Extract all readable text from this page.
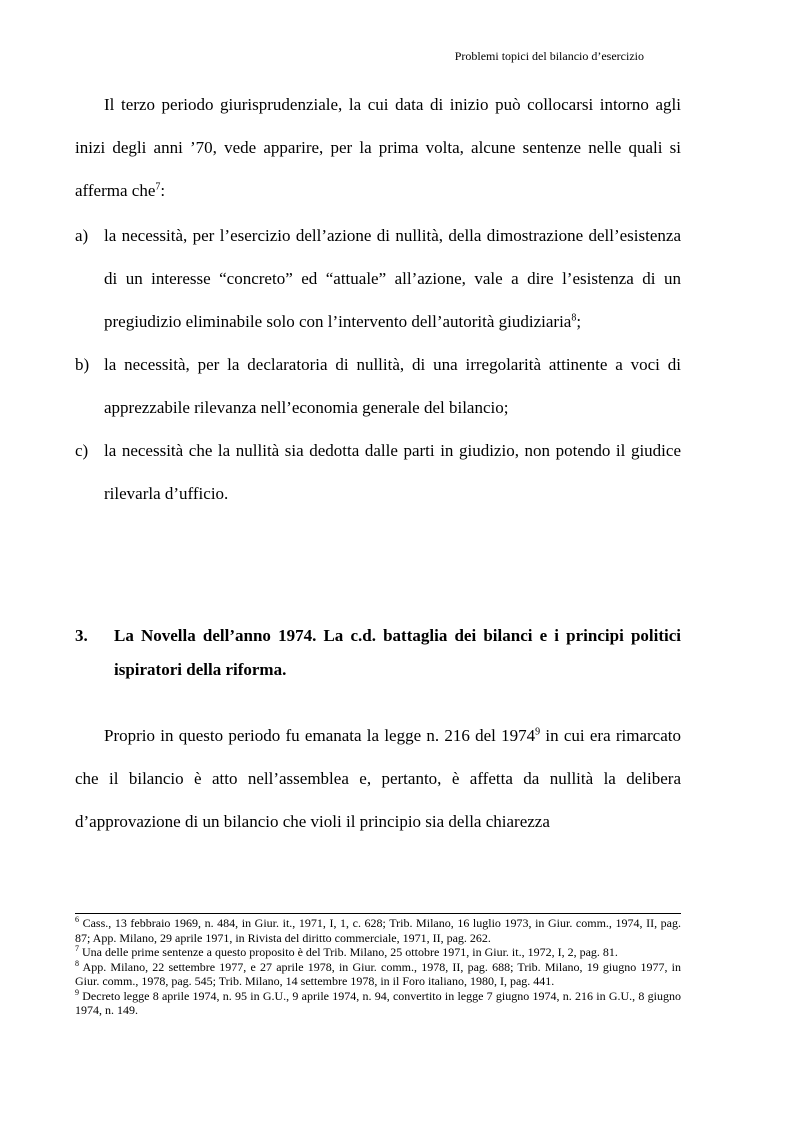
Problemi topici del bilancio d’esercizio

Il terzo periodo giurisprudenziale, la cui data di inizio può collocarsi intorno agli inizi degli anni ’70, vede apparire, per la prima volta, alcune sentenze nelle quali si afferma che$^7$:

a) la necessità, per l’esercizio dell’azione di nullità, della dimostrazione dell’esistenza di un interesse “concreto” ed “attuale” all’azione, vale a dire l’esistenza di un pregiudizio eliminabile solo con l’intervento dell’autorità giudiziaria$^8$;
b) la necessità, per la declaratoria di nullità, di una irregolarità attinente a voci di apprezzabile rilevanza nell’economia generale del bilancio;
c) la necessità che la nullità sia dedotta dalle parti in giudizio, non potendo il giudice rilevarla d’ufficio.
3.	La Novella dell’anno 1974. La c.d. battaglia dei bilanci e i principi politici ispiratori della riforma.

Proprio in questo periodo fu emanata la legge n. 216 del 1974$^9$ in cui era rimarcato che il bilancio è atto nell’assemblea e, pertanto, è affetta da nullità la delibera d’approvazione di un bilancio che violi il principio sia della chiarezza

$^6$ Cass., 13 febbraio 1969, n. 484, in Giur. it., 1971, I, 1, c. 628; Trib. Milano, 16 luglio 1973, in Giur. comm., 1974, II, pag. 87; App. Milano, 29 aprile 1971, in Rivista del diritto commerciale, 1971, II, pag. 262.

$^7$ Una delle prime sentenze a questo proposito è del Trib. Milano, 25 ottobre 1971, in Giur. it., 1972, I, 2, pag. 81.

$^8$ App. Milano, 22 settembre 1977, e 27 aprile 1978, in Giur. comm., 1978, II, pag. 688; Trib. Milano, 19 giugno 1977, in Giur. comm., 1978, pag. 545; Trib. Milano, 14 settembre 1978, in il Foro italiano, 1980, I, pag. 441.

$^9$ Decreto legge 8 aprile 1974, n. 95 in G.U., 9 aprile 1974, n. 94, convertito in legge 7 giugno 1974, n. 216 in G.U., 8 giugno 1974, n. 149.
